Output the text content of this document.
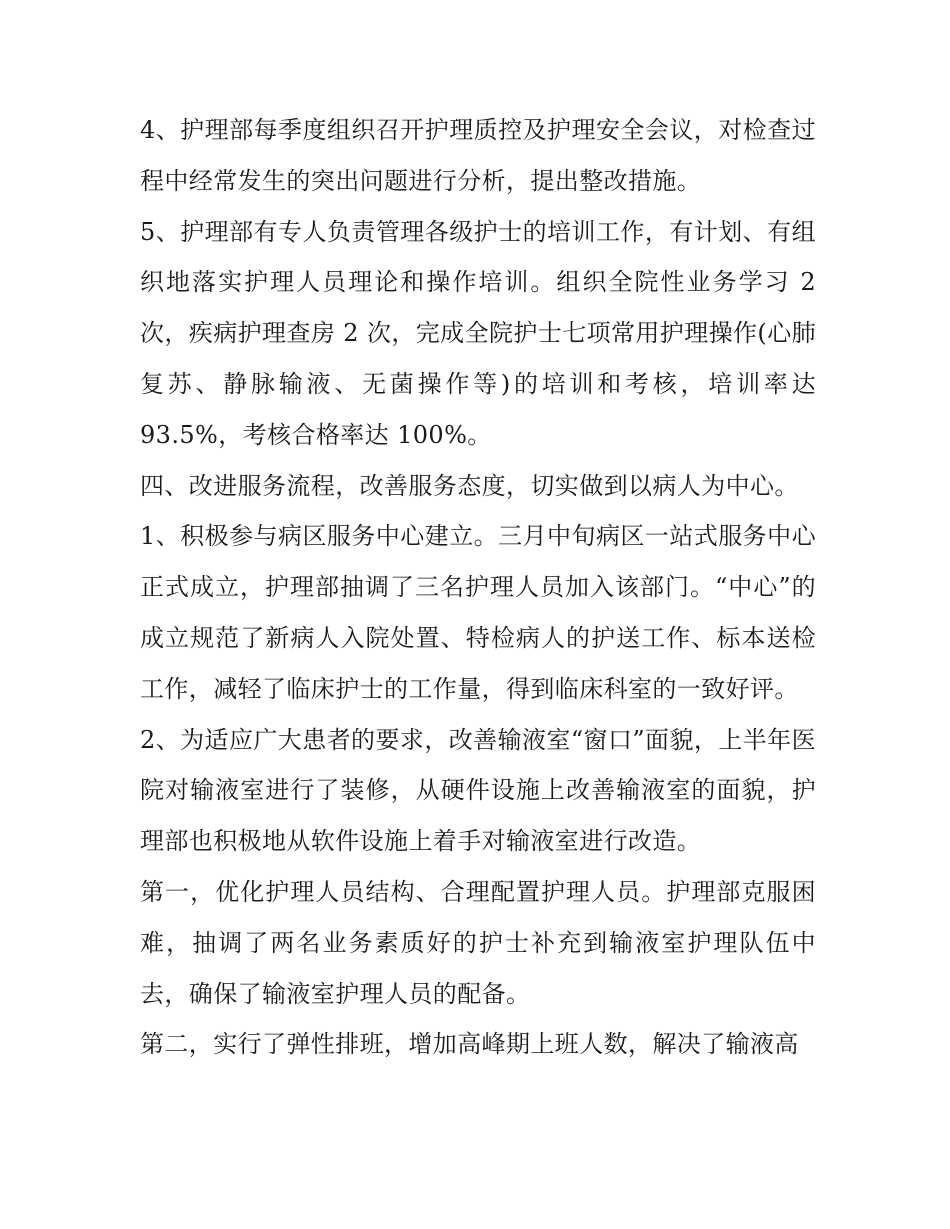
4、护理部每季度组织召开护理质控及护理安全会议，对检查过程中经常发生的突出问题进行分析，提出整改措施。

5、护理部有专人负责管理各级护士的培训工作，有计划、有组织地落实护理人员理论和操作培训。组织全院性业务学习 2 次，疾病护理查房 2 次，完成全院护士七项常用护理操作(心肺复苏、静脉输液、无菌操作等)的培训和考核，培训率达 93.5%，考核合格率达 100%。

四、改进服务流程，改善服务态度，切实做到以病人为中心。

1、积极参与病区服务中心建立。三月中旬病区一站式服务中心正式成立，护理部抽调了三名护理人员加入该部门。“中心”的成立规范了新病人入院处置、特检病人的护送工作、标本送检工作，减轻了临床护士的工作量，得到临床科室的一致好评。

2、为适应广大患者的要求，改善输液室“窗口”面貌，上半年医院对输液室进行了装修，从硬件设施上改善输液室的面貌，护理部也积极地从软件设施上着手对输液室进行改造。

第一，优化护理人员结构、合理配置护理人员。护理部克服困难，抽调了两名业务素质好的护士补充到输液室护理队伍中去，确保了输液室护理人员的配备。

第二，实行了弹性排班，增加高峰期上班人数，解决了输液高
